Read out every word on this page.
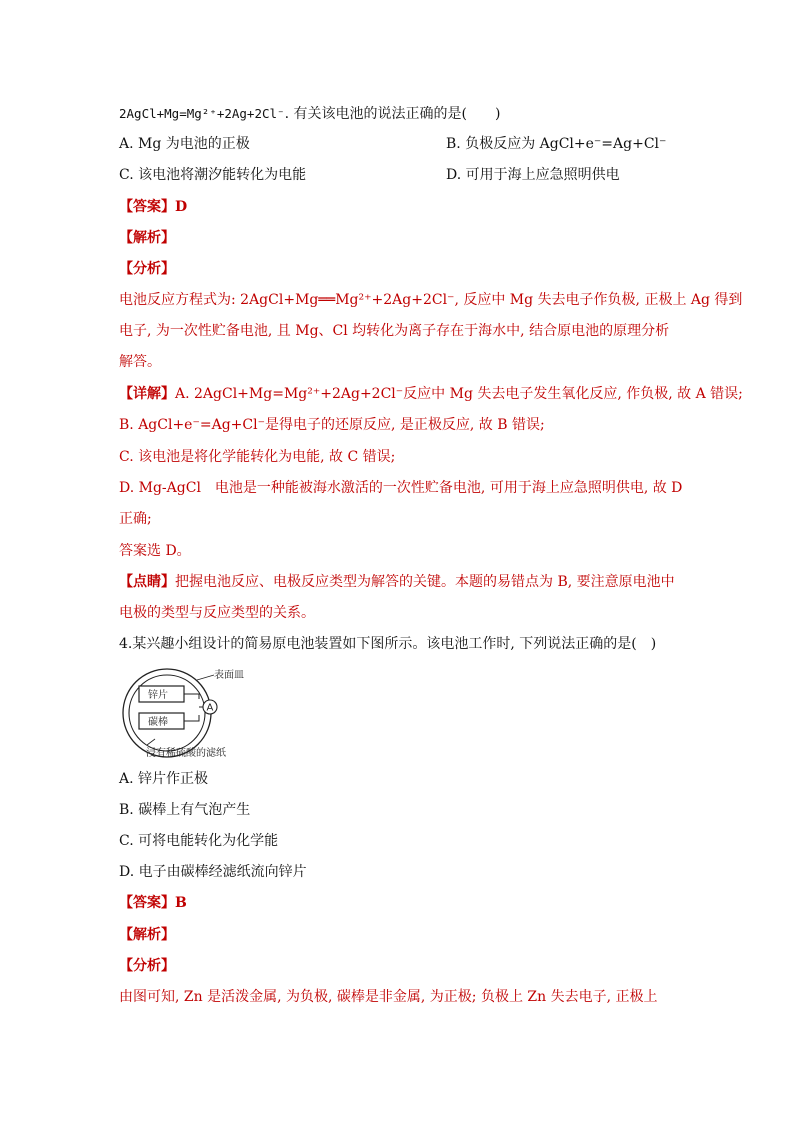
2AgCl+Mg=Mg²⁺+2Ag+2Cl⁻. 有关该电池的说法正确的是(　　)
A. Mg 为电池的正极	B. 负极反应为 AgCl+e⁻=Ag+Cl⁻
C. 该电池将潮汐能转化为电能	D. 可用于海上应急照明供电
【答案】D
【解析】
【分析】
电池反应方程式为: 2AgCl+Mg══Mg²⁺+2Ag+2Cl⁻, 反应中 Mg 失去电子作负极, 正极上 Ag 得到
电子, 为一次性贮备电池, 且 Mg、Cl 均转化为离子存在于海水中, 结合原电池的原理分析
解答。
【详解】A. 2AgCl+Mg=Mg²⁺+2Ag+2Cl⁻反应中 Mg 失去电子发生氧化反应, 作负极, 故 A 错误;
B. AgCl+e⁻=Ag+Cl⁻是得电子的还原反应, 是正极反应, 故 B 错误;
C. 该电池是将化学能转化为电能, 故 C 错误;
D. Mg-AgCl　电池是一种能被海水激活的一次性贮备电池, 可用于海上应急照明供电, 故 D
正确;
答案选 D。
【点睛】把握电池反应、电极反应类型为解答的关键。本题的易错点为 B, 要注意原电池中
电极的类型与反应类型的关系。
4.某兴趣小组设计的简易原电池装置如下图所示。该电池工作时, 下列说法正确的是(　)
表面皿
锌片
碳棒
A
浸有稀硫酸的滤纸
A. 锌片作正极
B. 碳棒上有气泡产生
C. 可将电能转化为化学能
D. 电子由碳棒经滤纸流向锌片
【答案】B
【解析】
【分析】
由图可知, Zn 是活泼金属, 为负极, 碳棒是非金属, 为正极; 负极上 Zn 失去电子, 正极上
